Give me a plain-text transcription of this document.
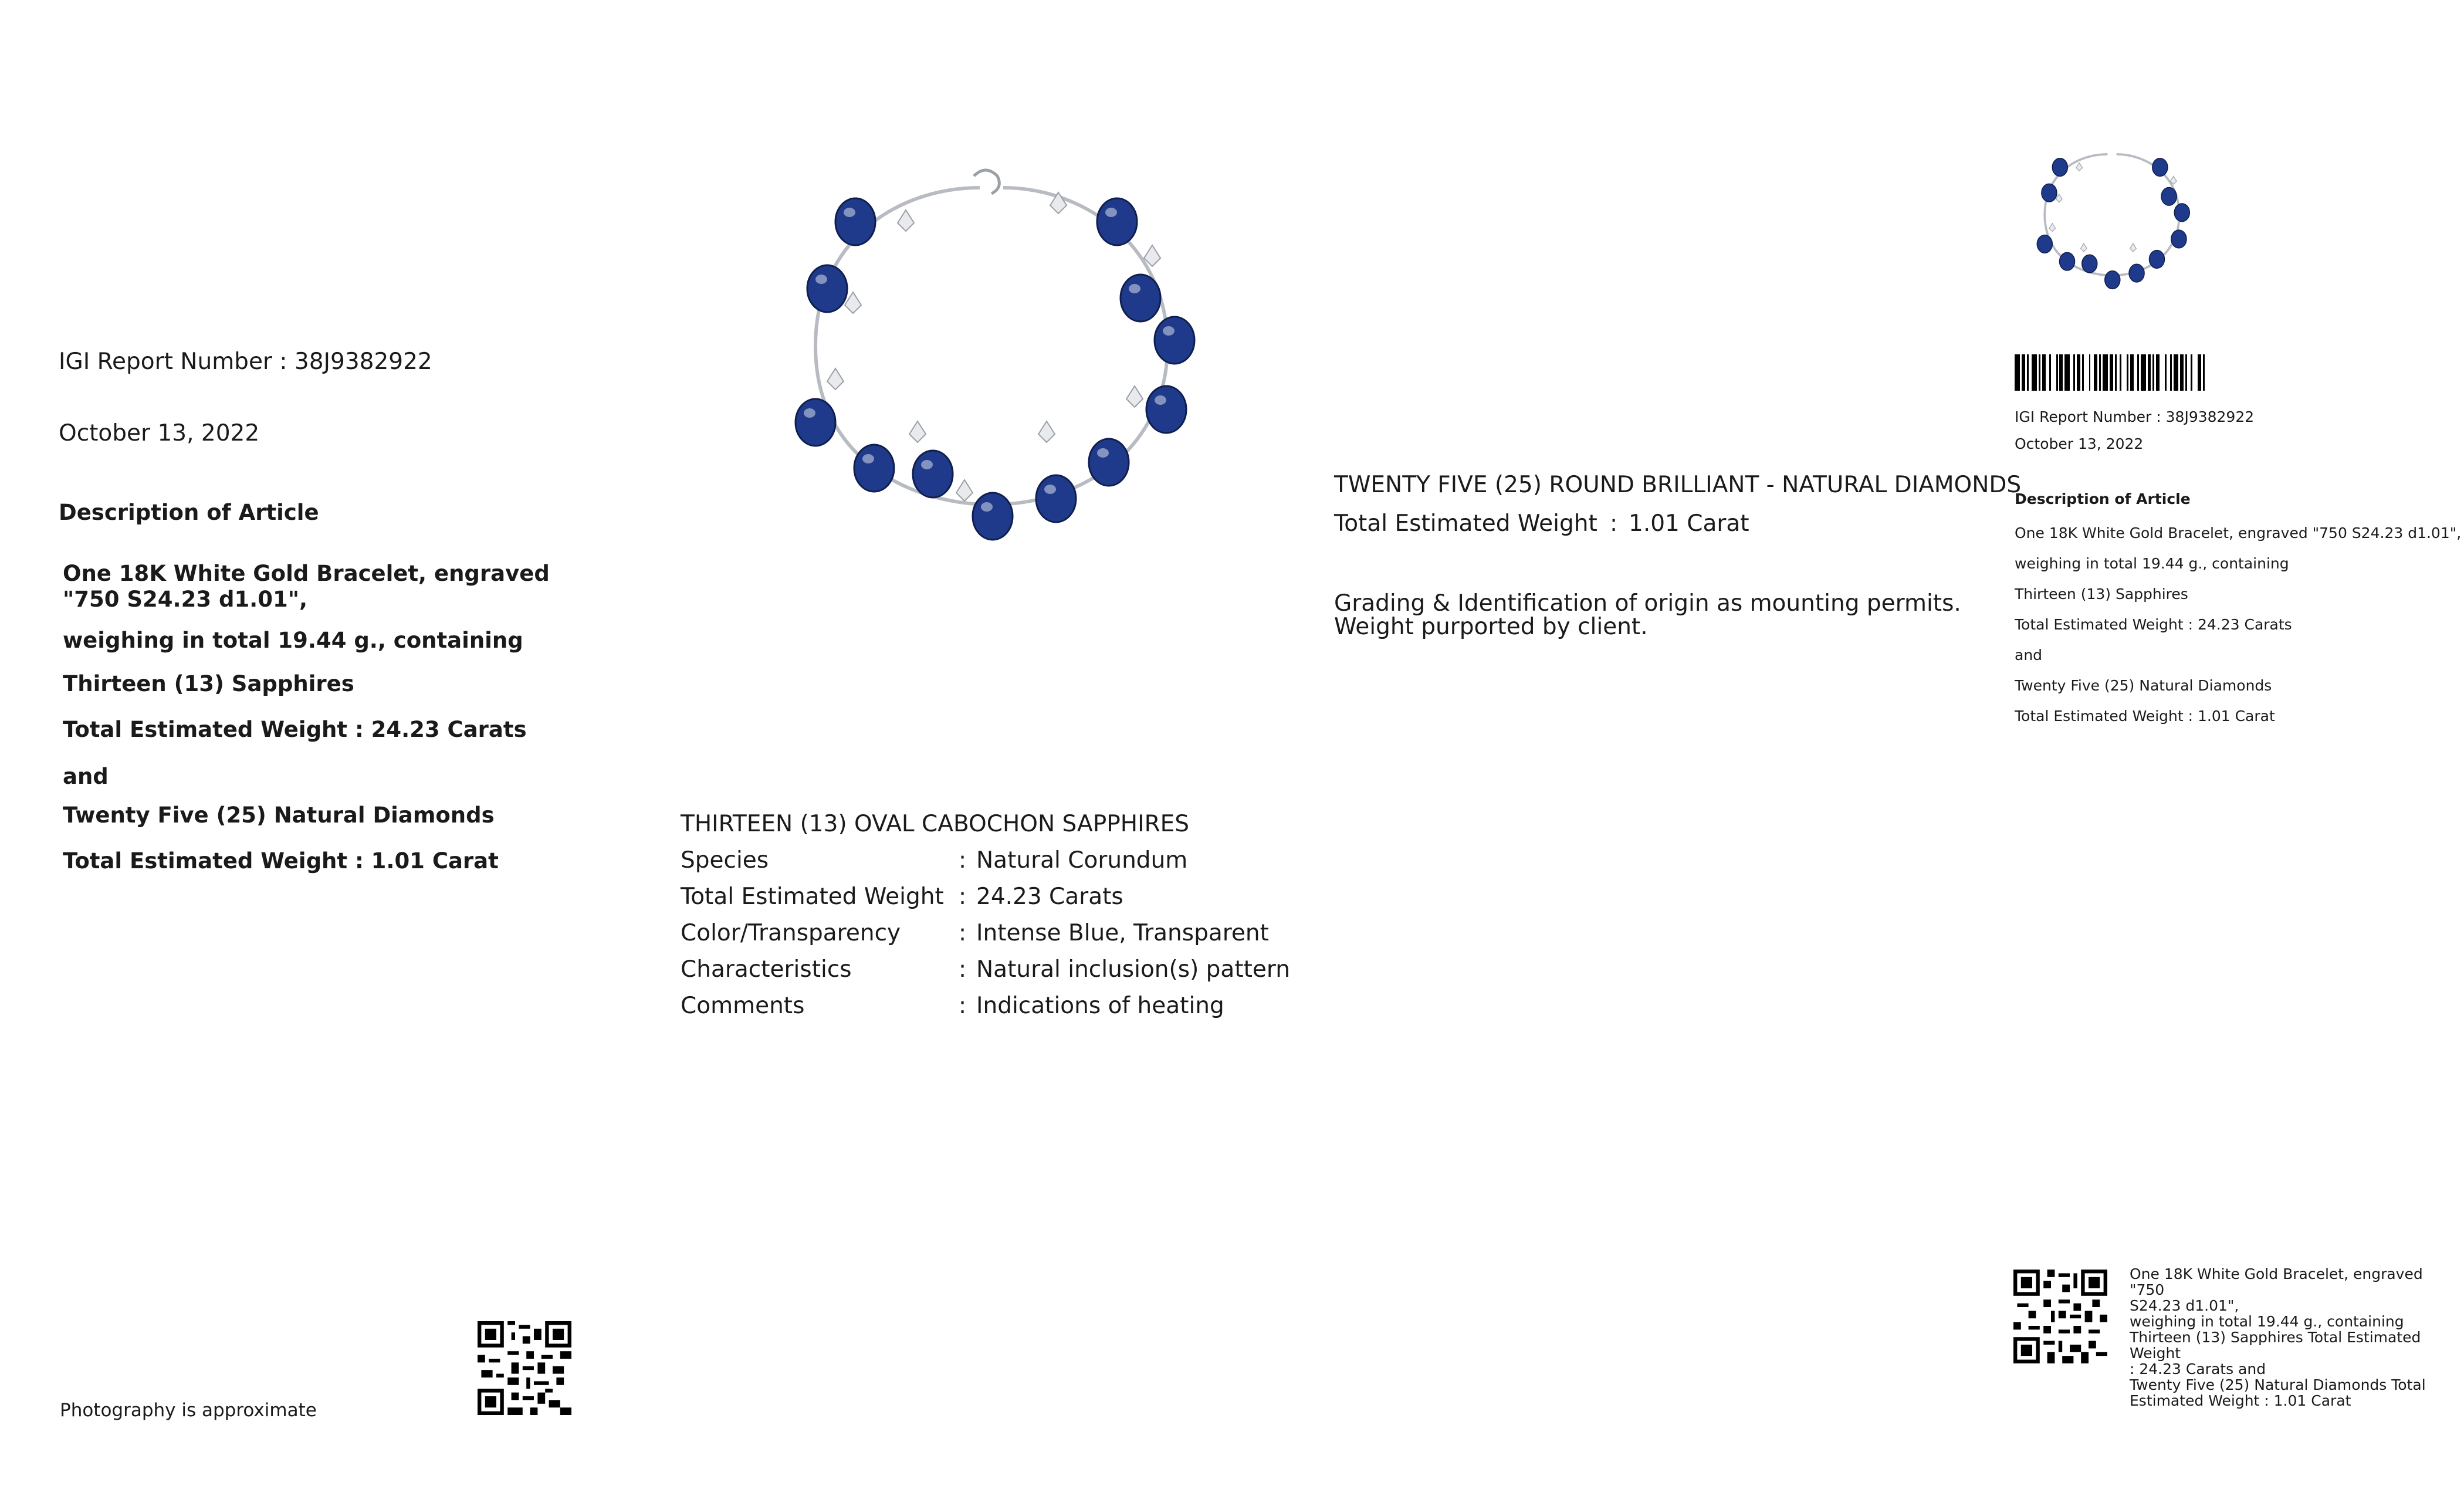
IGI Report Number : 38J9382922
October 13, 2022
Description of Article
One 18K White Gold Bracelet, engraved "750 S24.23 d1.01",
weighing in total 19.44 g., containing
Thirteen (13) Sapphires
Total Estimated Weight : 24.23 Carats
and
Twenty Five (25) Natural Diamonds
Total Estimated Weight : 1.01 Carat
Photography is approximate
THIRTEEN (13) OVAL CABOCHON SAPPHIRES
Species	: Natural Corundum
Total Estimated Weight : 24.23 Carats
Color/Transparency	: Intense Blue, Transparent
Characteristics	: Natural inclusion(s) pattern
Comments	: Indications of heating
TWENTY FIVE (25) ROUND BRILLIANT - NATURAL DIAMONDS
Total Estimated Weight : 1.01 Carat
Grading & Identification of origin as mounting permits.
Weight purported by client.
IGI Report Number : 38J9382922
October 13, 2022
Description of Article
One 18K White Gold Bracelet, engraved "750 S24.23 d1.01",
weighing in total 19.44 g., containing
Thirteen (13) Sapphires
Total Estimated Weight : 24.23 Carats
and
Twenty Five (25) Natural Diamonds
Total Estimated Weight : 1.01 Carat
One 18K White Gold Bracelet, engraved "750
S24.23 d1.01",
weighing in total 19.44 g., containing
Thirteen (13) Sapphires Total Estimated Weight
: 24.23 Carats and
Twenty Five (25) Natural Diamonds Total
Estimated Weight : 1.01 Carat
